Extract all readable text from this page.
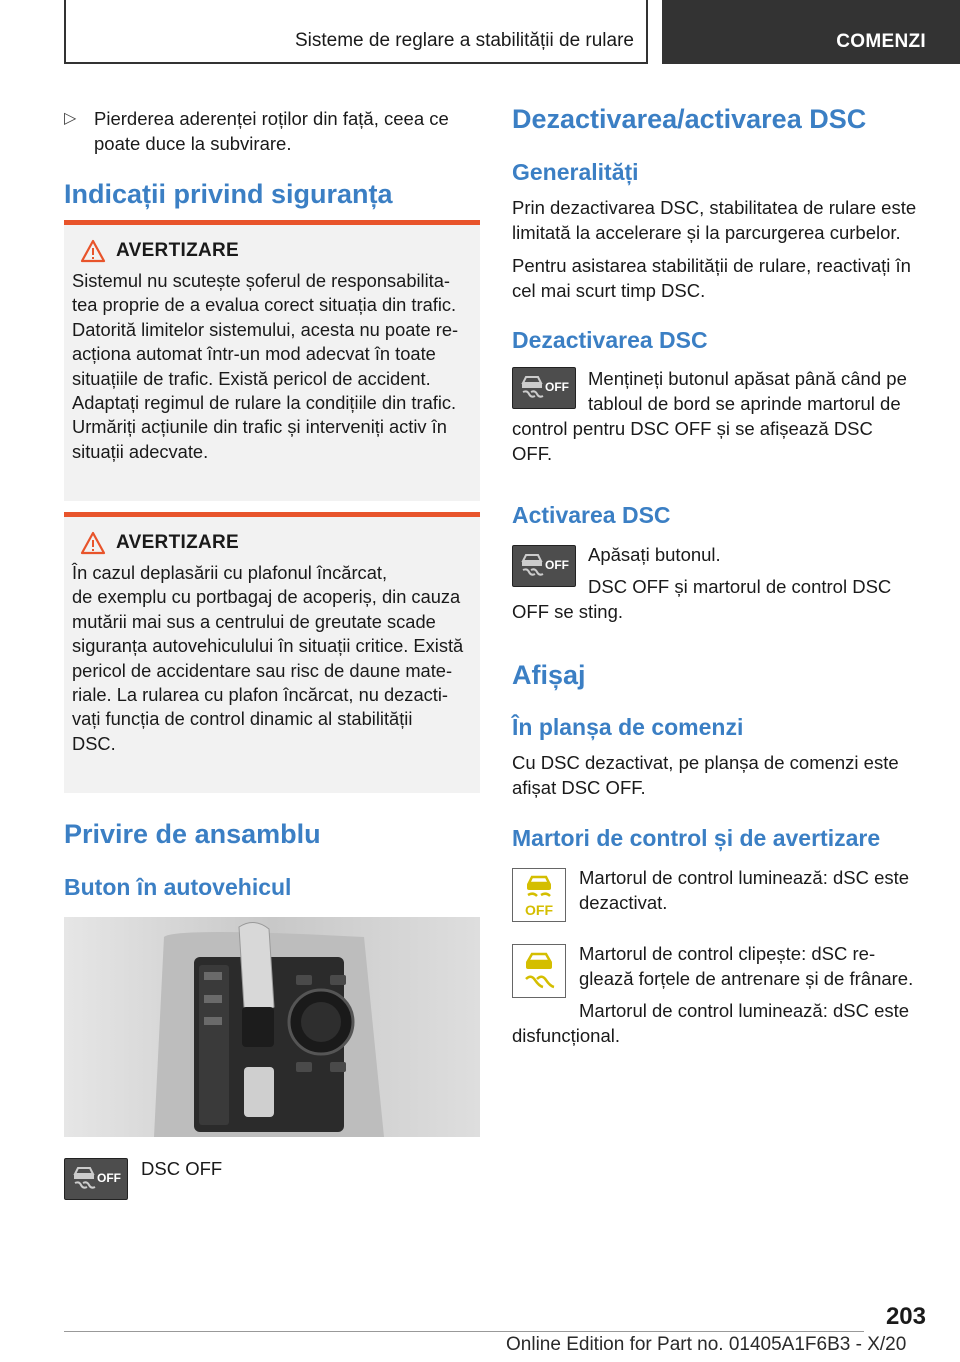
Sisteme de reglare a stabilității de rulare	COMENZI
▷ Pierderea aderenței roților din față, ceea ce

poate duce la subvirare.

Indicații privind siguranța
AVERTIZARE
Sistemul nu scutește șoferul de responsabilita-
tea proprie de a evalua corect situația din trafic.
Datorită limitelor sistemului, acesta nu poate re-
acționa automat într-un mod adecvat în toate
situațiile de trafic. Există pericol de accident.
Adaptați regimul de rulare la condițiile din trafic.
Urmăriți acțiunile din trafic și interveniți activ în
situații adecvate.
AVERTIZARE
În cazul deplasării cu plafonul încărcat,
de exemplu cu portbagaj de acoperiș, din cauza
mutării mai sus a centrului de greutate scade
siguranța autovehiculului în situații critice. Există
pericol de accidentare sau risc de daune mate-
riale. La rularea cu plafon încărcat, nu dezacti-
vați funcția de control dinamic al stabilității
DSC.
Privire de ansamblu
Buton în autovehicul
OFF DSC OFF
Dezactivarea/activarea DSC
Generalități
Prin dezactivarea DSC, stabilitatea de rulare este
limitată la accelerare și la parcurgerea curbelor.
Pentru asistarea stabilității de rulare, reactivați în
cel mai scurt timp DSC.
Dezactivarea DSC
OFF Mențineți butonul apăsat până când pe
tabloul de bord se aprinde martorul de
control pentru DSC OFF și se afișează DSC
OFF.
Activarea DSC
OFF Apăsați butonul.
DSC OFF și martorul de control DSC
OFF se sting.
Afișaj
În planșa de comenzi
Cu DSC dezactivat, pe planșa de comenzi este
afișat DSC OFF.
Martori de control și de avertizare
OFF
Martorul de control luminează: dSC este
dezactivat.
Martorul de control clipește: dSC re-
glează forțele de antrenare și de frânare.
Martorul de control luminează: dSC este
disfuncțional.
203
Online Edition for Part no. 01405A1F6B3 - X/20
